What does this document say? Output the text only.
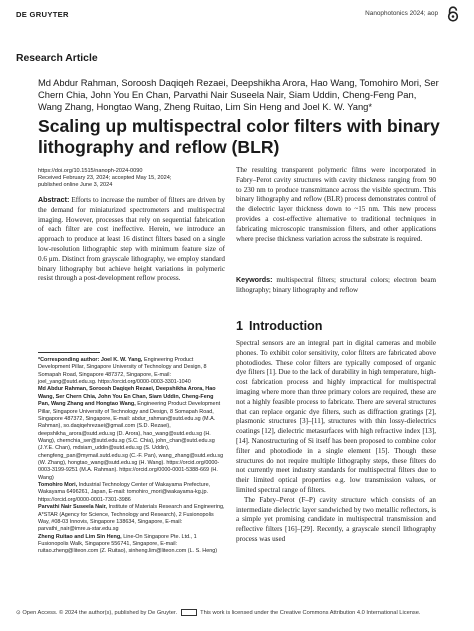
DE GRUYTER	Nanophotonics 2024; aop
Research Article
Md Abdur Rahman, Soroosh Daqiqeh Rezaei, Deepshikha Arora, Hao Wang, Tomohiro Mori, Ser Chern Chia, John You En Chan, Parvathi Nair Suseela Nair, Siam Uddin, Cheng-Feng Pan, Wang Zhang, Hongtao Wang, Zheng Ruitao, Lim Sin Heng and Joel K. W. Yang*
Scaling up multispectral color filters with binary lithography and reflow (BLR)
https://doi.org/10.1515/nanoph-2024-0090
Received February 23, 2024; accepted May 15, 2024;
published online June 3, 2024
Abstract: Efforts to increase the number of filters are driven by the demand for miniaturized spectrometers and multispectral imaging. However, processes that rely on sequential fabrication of each filter are cost ineffective. Herein, we introduce an approach to produce at least 16 distinct filters based on a single low-resolution lithographic step with minimum feature size of 0.6 μm. Distinct from grayscale lithography, we employ standard binary lithography but achieve height variations in polymeric resist through a post-development reflow process.
The resulting transparent polymeric films were incorporated in Fabry–Perot cavity structures with cavity thickness ranging from 90 to 230 nm to produce transmittance across the visible spectrum. This binary lithography and reflow (BLR) process demonstrates control of the dielectric layer thickness down to ~15 nm. This new process provides a cost-effective alternative to traditional techniques in fabricating microscopic transmission filters, and other applications where precise thickness variation across the substrate is required.
Keywords: multispectral filters; structural colors; electron beam lithography; binary lithography and reflow

*Corresponding author: Joel K. W. Yang, Engineering Product Development Pillar, Singapore University of Technology and Design, 8 Somapah Road, Singapore 487372, Singapore, E-mail: joel_yang@sutd.edu.sg. https://orcid.org/0000-0003-3301-1040

Md Abdur Rahman, Soroosh Daqiqeh Rezaei, Deepshikha Arora, Hao Wang, Ser Chern Chia, John You En Chan, Siam Uddin, Cheng-Feng Pan, Wang Zhang and Hongtao Wang, Engineering Product Development Pillar, Singapore University of Technology and Design, 8 Somapah Road, Singapore 487372, Singapore, E-mail: abdur_rahman@sutd.edu.sg (M.A. Rahman), so.daqiqehrezaei@gmail.com (S.D. Rezaei), deepshikha_arora@sutd.edu.sg (D. Arora), hao_wang@sutd.edu.sg (H. Wang), chernchia_ser@sutd.edu.sg (S.C. Chia), john_chan@sutd.edu.sg (J.Y.E. Chan), mdsiam_uddin@sutd.edu.sg (S. Uddin), chengfeng_pan@mymail.sutd.edu.sg (C.-F. Pan), wang_zhang@sutd.edu.sg (W. Zhang), hongtao_wang@sutd.edu.sg (H. Wang). https://orcid.org/0000-0003-3199-9251 (M.A. Rahman). https://orcid.org/0000-0001-5388-669 (H. Wang)

Tomohiro Mori, Industrial Technology Center of Wakayama Prefecture, Wakayama 6496261, Japan, E-mail: tomohiro_mori@wakayama-kg.jp. https://orcid.org/0000-0001-7301-3986

Parvathi Nair Suseela Nair, Institute of Materials Research and Engineering, A*STAR (Agency for Science, Technology and Research), 2 Fusionopolis Way, #08-03 Innovis, Singapore 138634, Singapore, E-mail: parvathi_nair@imre.a-star.edu.sg

Zheng Ruitao and Lim Sin Heng, Line-On Singapore Pte. Ltd., 1 Fusionopolis Walk, Singapore 556741, Singapore, E-mail: ruitao.zheng@liteon.com (Z. Ruitao), sinheng.lim@liteon.com (L. S. Heng)

1 Introduction

Spectral sensors are an integral part in digital cameras and mobile phones. To exhibit color sensitivity, color filters are fabricated above photodiodes. These color filters are typically composed of organic dye filters [1]. Due to the lack of durability in high temperature, high-cost fabrication process and highly impractical for multispectral imaging where more than three primary colors are required, these are not a highly feasible process to fabricate. There are several structures that can replace organic dye filters, such as diffraction gratings [2], plasmonic structures [3]–[11], structures with thin lossy-dielectrics coatings [12], dielectric metasurfaces with high refractive index [13], [14]. Nanostructuring of Si itself has been proposed to combine color filter and photodiode in a single element [15]. Though these structures do not require multiple lithography steps, these filters do not currently meet industry standards for multispectral filters due to their limited optical properties e.g. low transmission values, or limited spectral range of filters.

The Fabry–Perot (F–P) cavity structure which consists of an intermediate dielectric layer sandwiched by two metallic reflectors, is a simple yet promising candidate in multispectral transmission and reflective filters [16]–[29]. Recently, a grayscale stencil lithography process was used

⊙ Open Access. © 2024 the author(s), published by De Gruyter.	This work is licensed under the Creative Commons Attribution 4.0 International License.
